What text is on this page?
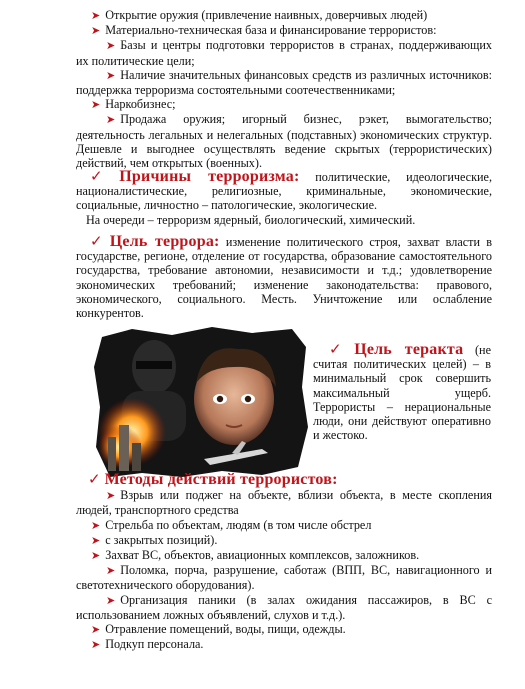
➤ Открытие оружия (привлечение наивных, доверчивых людей)
➤ Материально-техническая база и финансирование террористов:
➤ Базы и центры подготовки террористов в странах, поддерживающих их политические цели;
➤ Наличие значительных финансовых средств из различных источников: поддержка терроризма состоятельными соотечественниками;
➤ Наркобизнес;
➤ Продажа оружия; игорный бизнес, рэкет, вымогательство; деятельность легальных и нелегальных (подставных) экономических структур. Дешевле и выгоднее осуществлять ведение скрытых (террористических) действий, чем открытых (военных).
✓ Причины терроризма: политические, идеологические,
националистические, религиозные, криминальные, экономические, социальные, личностно – патологические, экологические.
На очереди – терроризм ядерный, биологический, химический.
✓ Цель террора: изменение политического строя, захват власти в
государстве, регионе, отделение от государства, образование самостоятельного государства, требование автономии, независимости и т.д.; удовлетворение экономических требований; изменение законодательства: правового, экономического, социального. Месть. Уничтожение или ослабление конкурентов.
✓ Цель теракта (не считая политических целей) – в минимальный срок совершить максимальный ущерб. Террористы – нерациональные люди, они действуют оперативно и жестоко.
✓ Методы действий террористов:
➤ Взрыв или поджег на объекте, вблизи объекта, в месте скопления людей, транспортного средства
➤ Стрельба по объектам, людям (в том числе обстрел
➤ с закрытых позиций).
➤ Захват ВС, объектов, авиационных комплексов, заложников.
➤ Поломка, порча, разрушение, саботаж (ВПП, ВС, навигационного и светотехнического оборудования).
➤ Организация паники (в залах ожидания пассажиров, в ВС с использованием ложных объявлений, слухов и т.д.).
➤ Отравление помещений, воды, пищи, одежды.
➤ Подкуп персонала.
